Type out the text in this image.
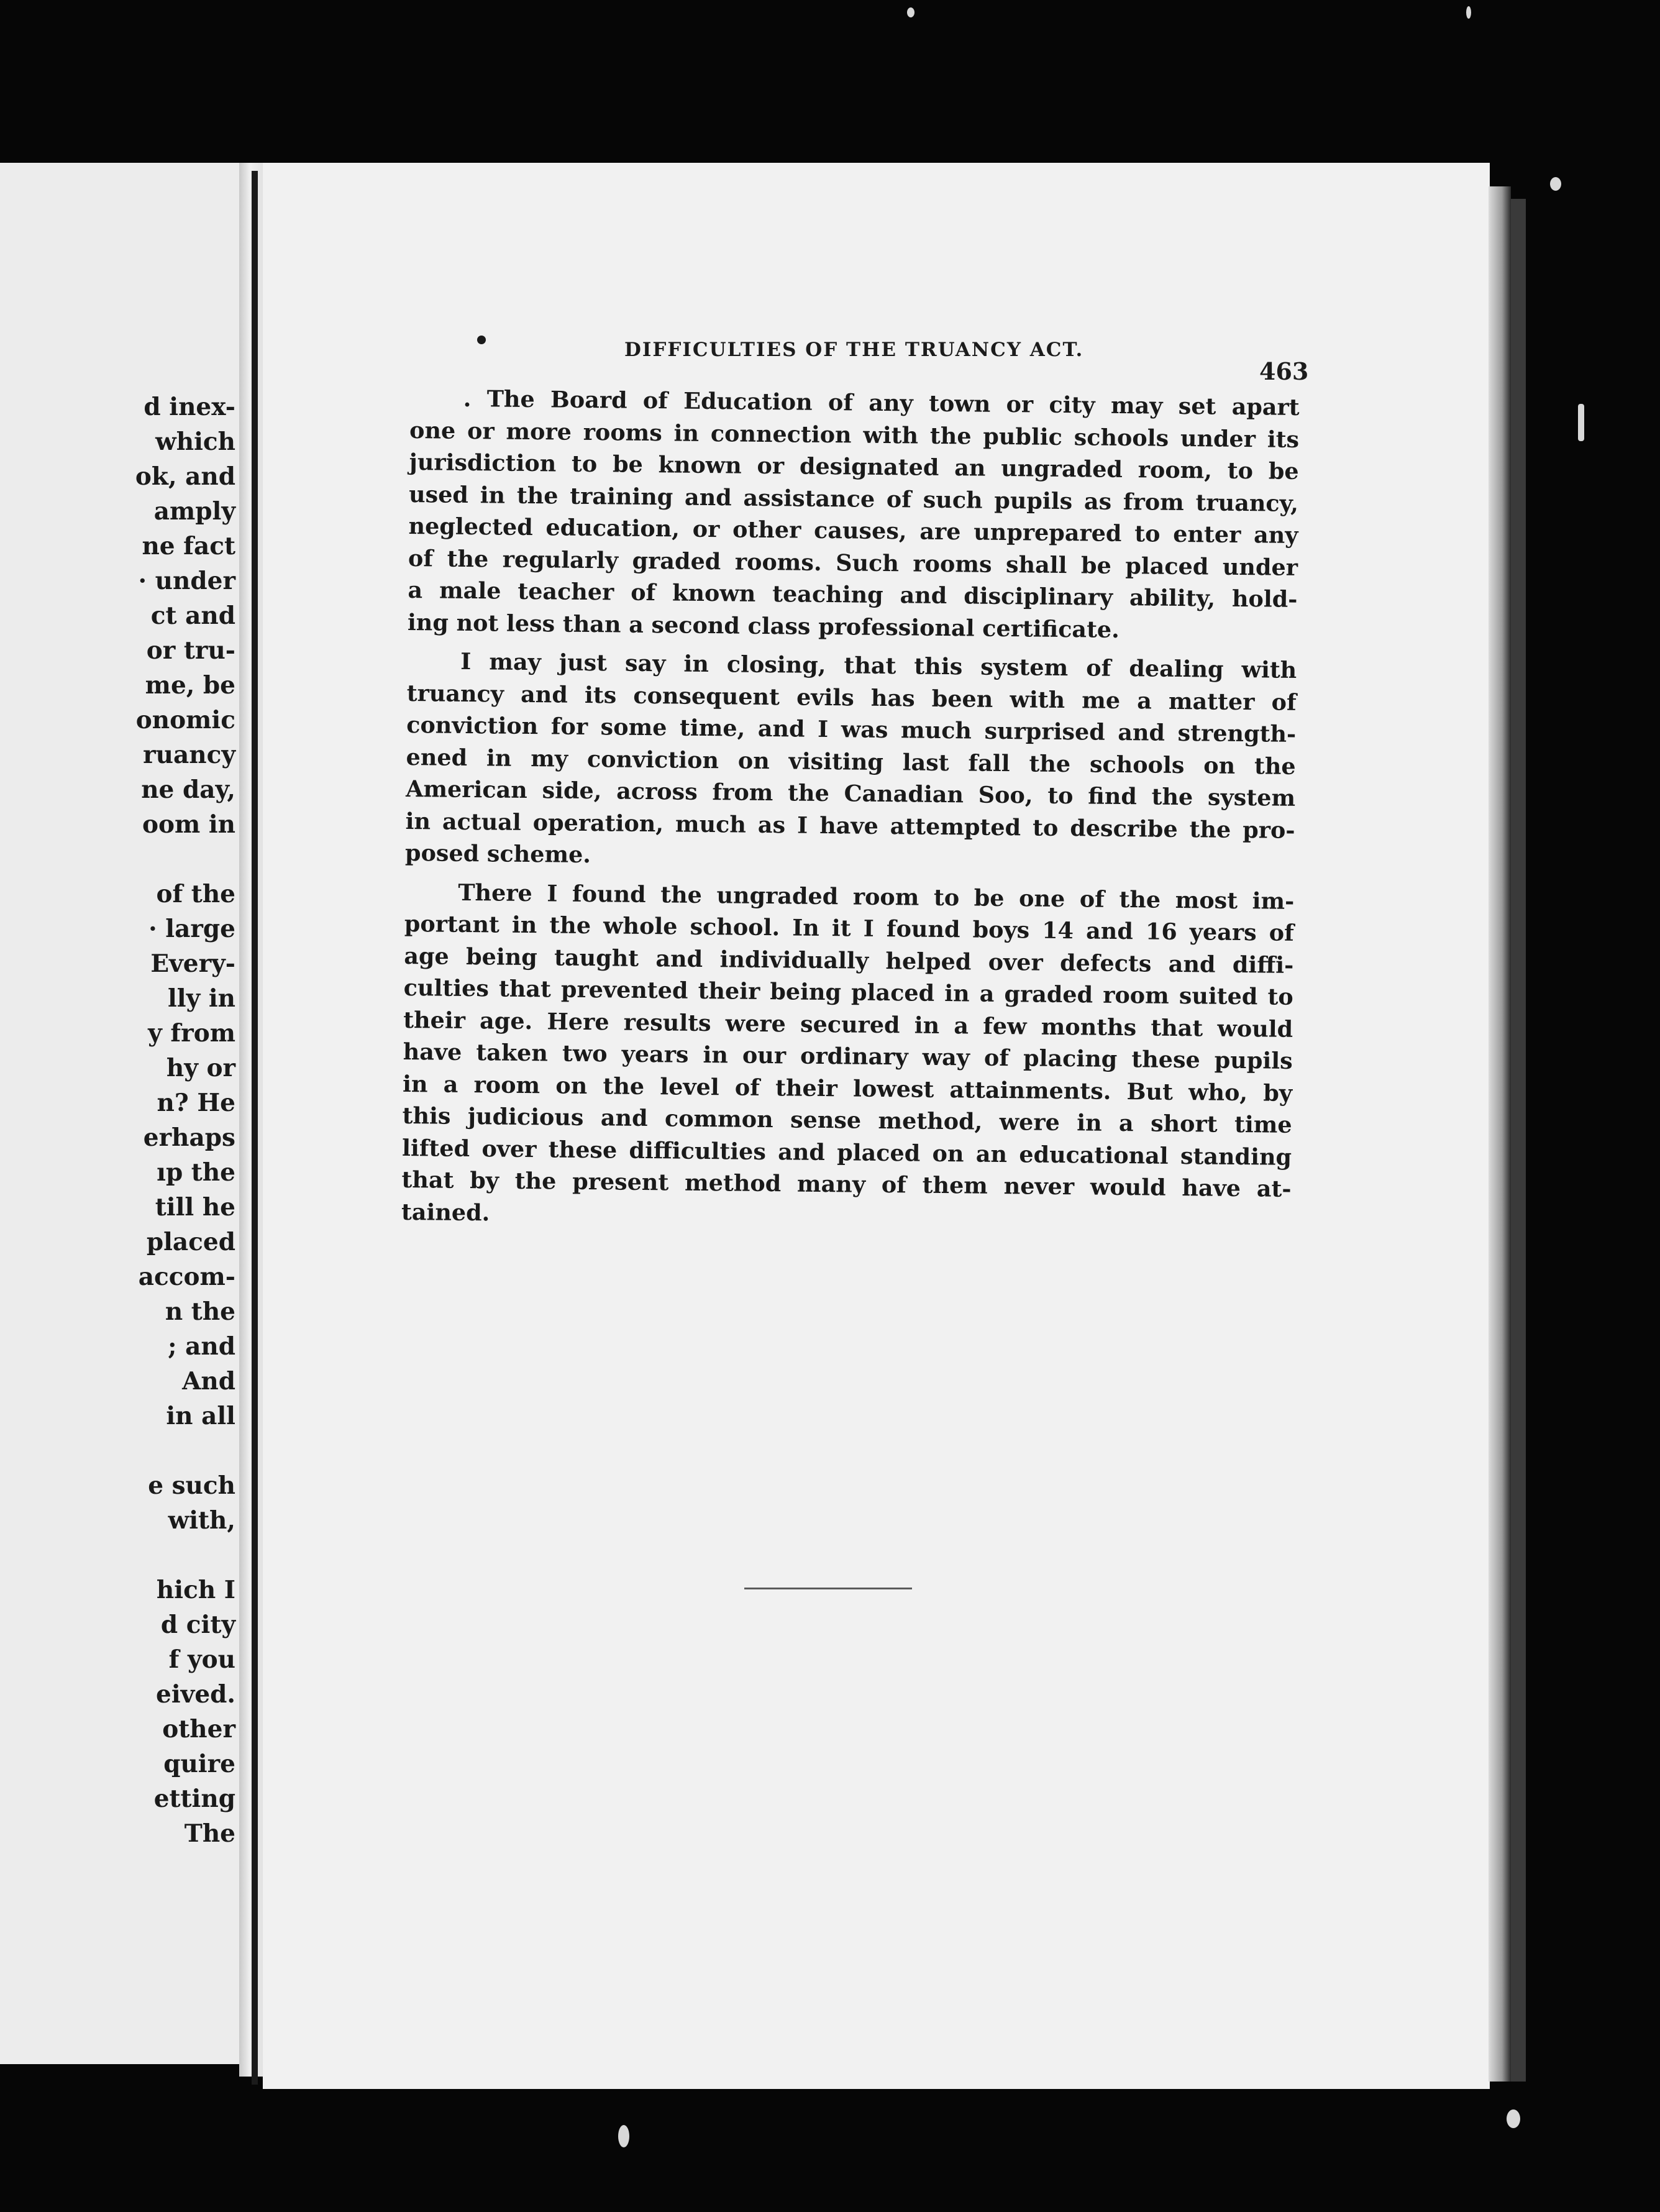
d inex-
which
ok, and
amply
ne fact
· under
ct and
or tru-
me, be
onomic
ruancy
ne day,
oom in
of the
· large
Every-
lly in
y from
hy or
n? He
erhaps
ıp the
till he
placed
accom-
n the
; and
And
in all
e such
with,
hich I
d city
f you
eived.
other
quire
etting
The
DIFFICULTIES OF THE TRUANCY ACT.
463
. The Board of Education of any town or city may set apart
one or more rooms in connection with the public schools under its
jurisdiction to be known or designated an ungraded room, to be
used in the training and assistance of such pupils as from truancy,
neglected education, or other causes, are unprepared to enter any
of the regularly graded rooms. Such rooms shall be placed under
a male teacher of known teaching and disciplinary ability, hold-
ing not less than a second class professional certificate.
I may just say in closing, that this system of dealing with
truancy and its consequent evils has been with me a matter of
conviction for some time, and I was much surprised and strength-
ened in my conviction on visiting last fall the schools on the
American side, across from the Canadian Soo, to find the system
in actual operation, much as I have attempted to describe the pro-
posed scheme.
There I found the ungraded room to be one of the most im-
portant in the whole school. In it I found boys 14 and 16 years of
age being taught and individually helped over defects and diffi-
culties that prevented their being placed in a graded room suited to
their age. Here results were secured in a few months that would
have taken two years in our ordinary way of placing these pupils
in a room on the level of their lowest attainments. But who, by
this judicious and common sense method, were in a short time
lifted over these difficulties and placed on an educational standing
that by the present method many of them never would have at-
tained.
